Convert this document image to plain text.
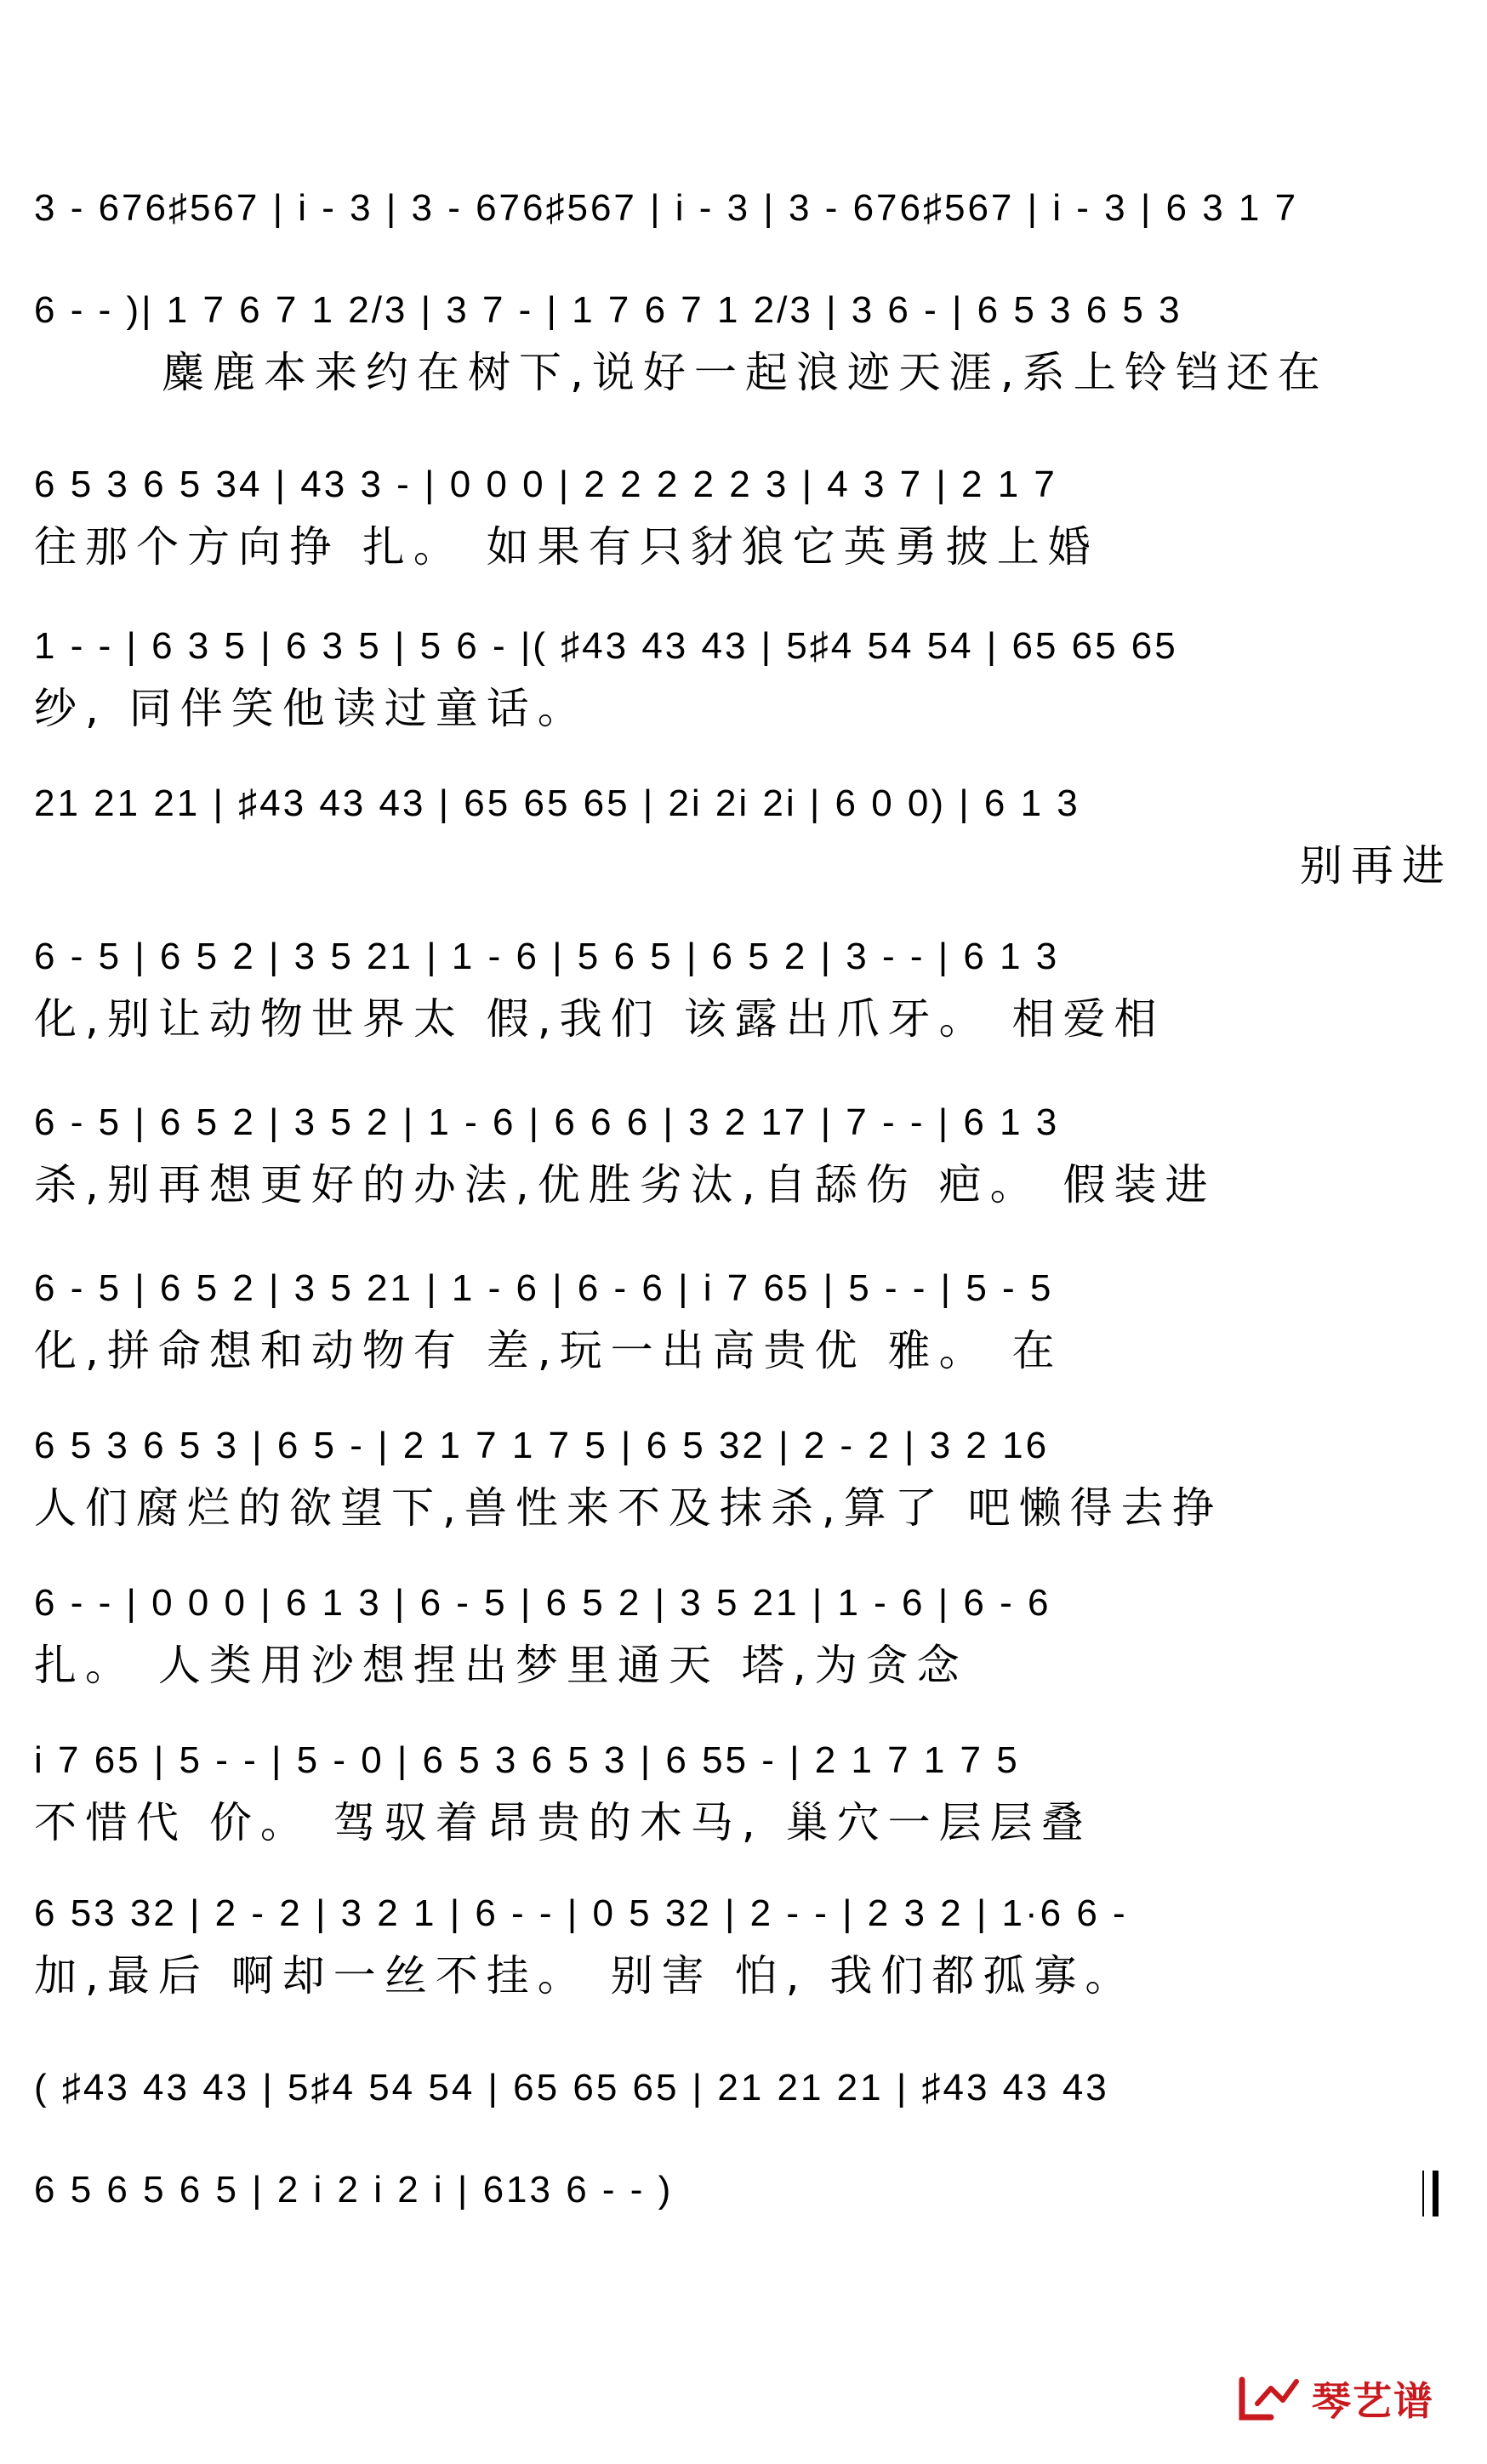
3 - 676♯567 | i - 3 | 3 - 676♯567 | i - 3 | 3 - 676♯567 | i - 3 | 6 3 1 7
6 - - )| 1 7 6 7 1 2/3 | 3 7 - | 1 7 6 7 1 2/3 | 3 6 - | 6 5 3 6 5 3
麋鹿本来约在树下,说好一起浪迹天涯,系上铃铛还在
6 5 3 6 5 34 | 43 3 - | 0 0 0 | 2 2 2 2 2 3 | 4 3 7 | 2 1 7
往那个方向挣 扎。 如果有只豺狼它英勇披上婚
1 - - | 6 3 5 | 6 3 5 | 5 6 - |( ♯43 43 43 | 5♯4 54 54 | 65 65 65
纱, 同伴笑他读过童话。
21 21 21 | ♯43 43 43 | 65 65 65 | 2i 2i 2i | 6 0 0) | 6 1 3
别再进
6 - 5 | 6 5 2 | 3 5 21 | 1 - 6 | 5 6 5 | 6 5 2 | 3 - - | 6 1 3
化,别让动物世界太 假,我们 该露出爪牙。 相爱相
6 - 5 | 6 5 2 | 3 5 2 | 1 - 6 | 6 6 6 | 3 2 17 | 7 - - | 6 1 3
杀,别再想更好的办法,优胜劣汰,自舔伤 疤。 假装进
6 - 5 | 6 5 2 | 3 5 21 | 1 - 6 | 6 - 6 | i 7 65 | 5 - - | 5 - 5
化,拼命想和动物有 差,玩一出高贵优 雅。 在
6 5 3 6 5 3 | 6 5 - | 2 1 7 1 7 5 | 6 5 32 | 2 - 2 | 3 2 16
人们腐烂的欲望下,兽性来不及抹杀,算了 吧懒得去挣
6 - - | 0 0 0 | 6 1 3 | 6 - 5 | 6 5 2 | 3 5 21 | 1 - 6 | 6 - 6
扎。 人类用沙想捏出梦里通天 塔,为贪念
i 7 65 | 5 - - | 5 - 0 | 6 5 3 6 5 3 | 6 55 - | 2 1 7 1 7 5
不惜代 价。 驾驭着昂贵的木马, 巢穴一层层叠
6 53 32 | 2 - 2 | 3 2 1 | 6 - - | 0 5 32 | 2 - - | 2 3 2 | 1·6 6 -
加,最后 啊却一丝不挂。 别害 怕, 我们都孤寡。
( ♯43 43 43 | 5♯4 54 54 | 65 65 65 | 21 21 21 | ♯43 43 43
6 5 6 5 6 5 | 2 i 2 i 2 i | 613 6 - - )
琴艺谱
